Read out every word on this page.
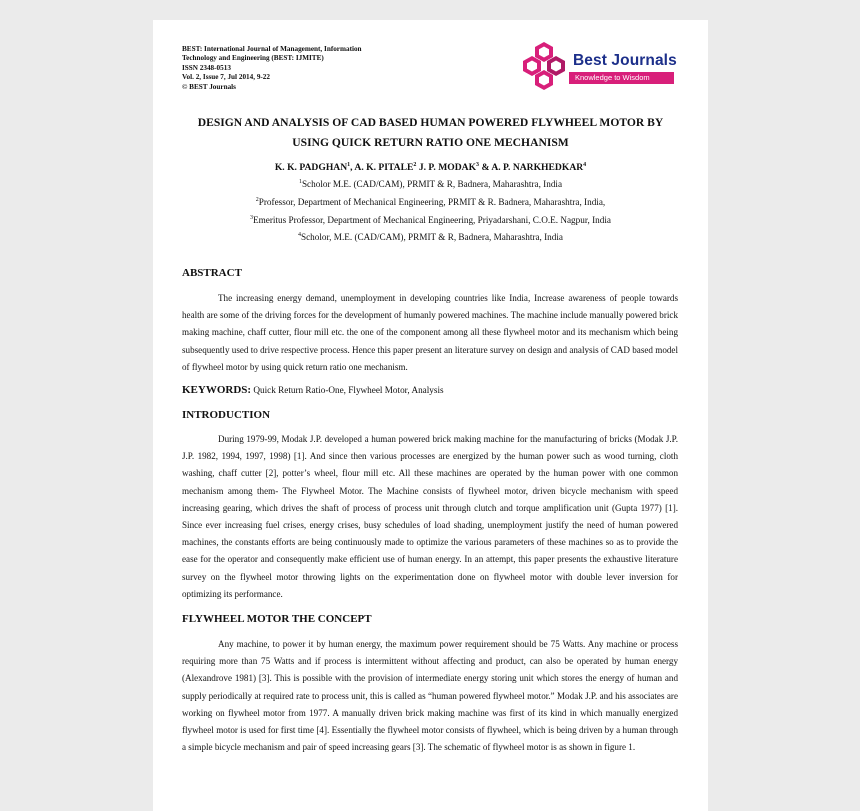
BEST: International Journal of Management, Information
Technology and Engineering (BEST: IJMITE)
ISSN 2348-0513
Vol. 2, Issue 7, Jul 2014, 9-22
© BEST Journals
Best Journals
Knowledge to Wisdom
DESIGN AND ANALYSIS OF CAD BASED HUMAN POWERED FLYWHEEL MOTOR BY
USING QUICK RETURN RATIO ONE MECHANISM
K. K. PADGHAN$^1$, A. K. PITALE$^2$ J. P. MODAK$^3$ & A. P. NARKHEDKAR$^4$
$^1$Scholor M.E. (CAD/CAM), PRMIT & R, Badnera, Maharashtra, India
$^2$Professor, Department of Mechanical Engineering, PRMIT & R. Badnera, Maharashtra, India,
$^3$Emeritus Professor, Department of Mechanical Engineering, Priyadarshani, C.O.E. Nagpur, India
$^4$Scholor, M.E. (CAD/CAM), PRMIT & R, Badnera, Maharashtra, India
ABSTRACT
The increasing energy demand, unemployment in developing countries like India, Increase awareness of people towards health are some of the driving forces for the development of humanly powered machines. The machine include manually powered brick making machine, chaff cutter, flour mill etc. the one of the component among all these flywheel motor and its mechanism which being subsequently used to drive respective process. Hence this paper present an literature survey on design and analysis of CAD based model of flywheel motor by using quick return ratio one mechanism.
KEYWORDS: Quick Return Ratio-One, Flywheel Motor, Analysis
INTRODUCTION
During 1979-99, Modak J.P. developed a human powered brick making machine for the manufacturing of bricks (Modak J.P. J.P. 1982, 1994, 1997, 1998) [1]. And since then various processes are energized by the human power such as wood turning, cloth washing, chaff cutter [2], potter’s wheel, flour mill etc. All these machines are operated by the human power with one common mechanism among them- The Flywheel Motor. The Machine consists of flywheel motor, driven bicycle mechanism with speed increasing gearing, which drives the shaft of process of process unit through clutch and torque amplification unit (Gupta 1977) [1]. Since ever increasing fuel crises, energy crises, busy schedules of load shading, unemployment justify the need of human powered machines, the constants efforts are being continuously made to optimize the various parameters of these machines so as to provide the ease for the operator and consequently make efficient use of human energy. In an attempt, this paper presents the exhaustive literature survey on the flywheel motor throwing lights on the experimentation done on flywheel motor with double lever inversion for optimizing its performance.
FLYWHEEL MOTOR THE CONCEPT
Any machine, to power it by human energy, the maximum power requirement should be 75 Watts. Any machine or process requiring more than 75 Watts and if process is intermittent without affecting and product, can also be operated by human energy (Alexandrove 1981) [3]. This is possible with the provision of intermediate energy storing unit which stores the energy of human and supply periodically at required rate to process unit, this is called as “human powered flywheel motor.” Modak J.P. and his associates are working on flywheel motor from 1977. A manually driven brick making machine was first of its kind in which manually energized flywheel motor is used for first time [4]. Essentially the flywheel motor consists of flywheel, which is being driven by a human through a simple bicycle mechanism and pair of speed increasing gears [3]. The schematic of flywheel motor is as shown in figure 1.
